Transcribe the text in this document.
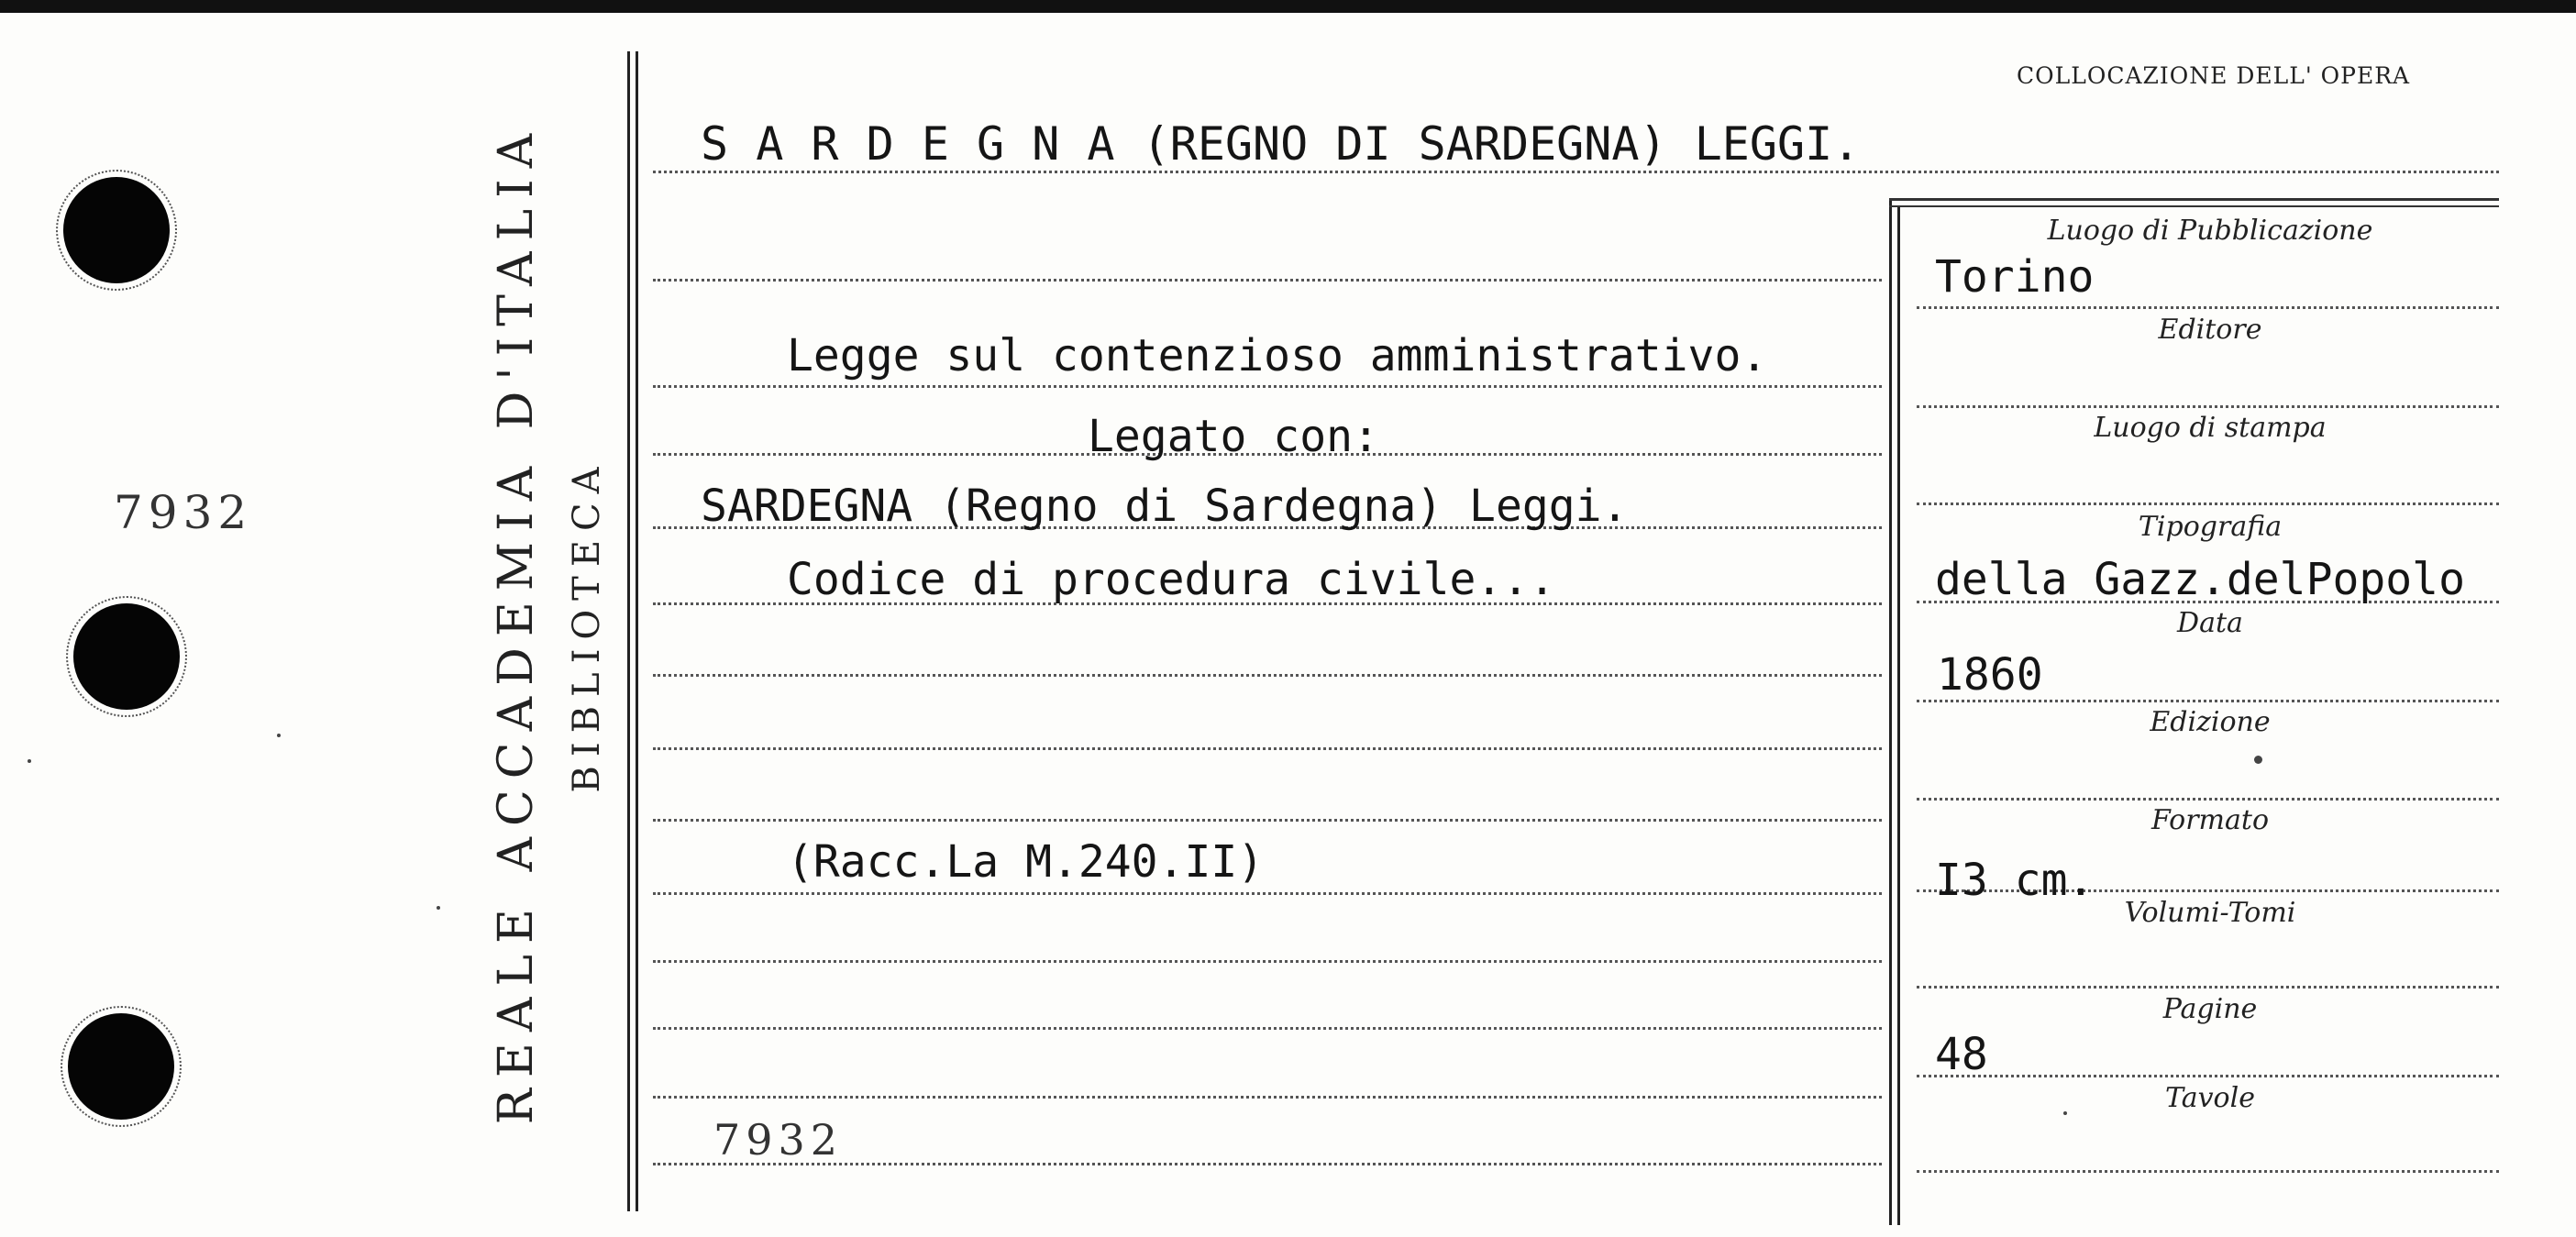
7932	REALE ACCADEMIA D'ITALIA BIBLIOTECA
COLLOCAZIONE DELL' OPERA
S A R D E G N A (REGNO DI SARDEGNA) LEGGI.
Legge sul contenzioso amministrativo.
Legato con:
SARDEGNA (Regno di Sardegna) Leggi.
Codice di procedura civile...
(Racc.La M.240.II)
7932
Luogo di Pubblicazione
Editore
Luogo di stampa
Tipografia
Data
Edizione
Formato
Volumi-Tomi
Pagine
Tavole
Torino
della Gazz.delPopolo
1860
I3 cm.
48
